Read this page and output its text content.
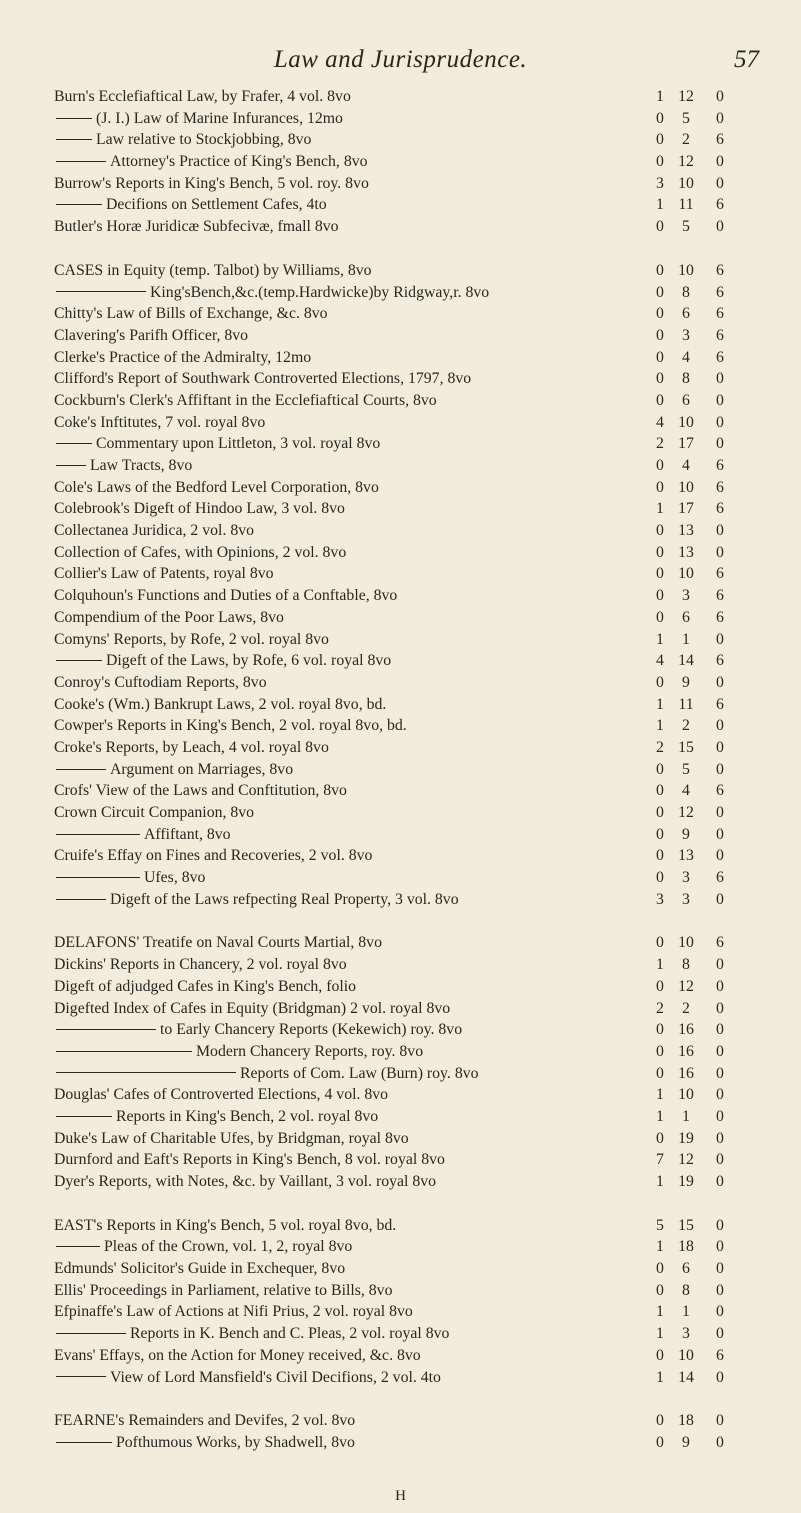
Law and Jurisprudence.	57
Burn's Ecclefiaftical Law, by Frafer, 4 vol. 8vo	1 12	0
(J. I.) Law of Marine Infurances, 12mo	0	5	0
Law relative to Stockjobbing, 8vo	0	2	6
Attorney's Practice of King's Bench, 8vo	0 12	0
Burrow's Reports in King's Bench, 5 vol. roy. 8vo	3 10	0
Decifions on Settlement Cafes, 4to	1 11	6
Butler's Horæ Juridicæ Subfecivæ, fmall 8vo	0	5	0
CASES in Equity (temp. Talbot) by Williams, 8vo	0 10	6
King'sBench,&c.(temp.Hardwicke)by Ridgway,r. 8vo	0	8	6
Chitty's Law of Bills of Exchange, &c. 8vo	0	6	6
Clavering's Parifh Officer, 8vo	0	3	6
Clerke's Practice of the Admiralty, 12mo	0	4	6
Clifford's Report of Southwark Controverted Elections, 1797, 8vo	0	8	0
Cockburn's Clerk's Affiftant in the Ecclefiaftical Courts, 8vo	0	6	0
Coke's Inftitutes, 7 vol. royal 8vo	4 10	0
Commentary upon Littleton, 3 vol. royal 8vo	2 17	0
Law Tracts, 8vo	0	4	6
Cole's Laws of the Bedford Level Corporation, 8vo	0 10	6
Colebrook's Digeft of Hindoo Law, 3 vol. 8vo	1 17	6
Collectanea Juridica, 2 vol. 8vo	0 13	0
Collection of Cafes, with Opinions, 2 vol. 8vo	0 13	0
Collier's Law of Patents, royal 8vo	0 10	6
Colquhoun's Functions and Duties of a Conftable, 8vo	0	3	6
Compendium of the Poor Laws, 8vo	0	6	6
Comyns' Reports, by Rofe, 2 vol. royal 8vo	1	1	0
Digeft of the Laws, by Rofe, 6 vol. royal 8vo	4 14	6
Conroy's Cuftodiam Reports, 8vo	0	9	0
Cooke's (Wm.) Bankrupt Laws, 2 vol. royal 8vo, bd.	1 11	6
Cowper's Reports in King's Bench, 2 vol. royal 8vo, bd.	1	2	0
Croke's Reports, by Leach, 4 vol. royal 8vo	2 15	0
Argument on Marriages, 8vo	0	5	0
Crofs' View of the Laws and Conftitution, 8vo	0	4	6
Crown Circuit Companion, 8vo	0 12	0
Affiftant, 8vo	0	9	0
Cruife's Effay on Fines and Recoveries, 2 vol. 8vo	0 13	0
Ufes, 8vo	0	3	6
Digeft of the Laws refpecting Real Property, 3 vol. 8vo	3	3	0
DELAFONS' Treatife on Naval Courts Martial, 8vo	0 10	6
Dickins' Reports in Chancery, 2 vol. royal 8vo	1	8	0
Digeft of adjudged Cafes in King's Bench, folio	0 12	0
Digefted Index of Cafes in Equity (Bridgman) 2 vol. royal 8vo	2	2	0
to Early Chancery Reports (Kekewich) roy. 8vo	0 16	0
Modern Chancery Reports, roy. 8vo	0 16	0
Reports of Com. Law (Burn) roy. 8vo	0 16	0
Douglas' Cafes of Controverted Elections, 4 vol. 8vo	1 10	0
Reports in King's Bench, 2 vol. royal 8vo	1	1	0
Duke's Law of Charitable Ufes, by Bridgman, royal 8vo	0 19	0
Durnford and Eaft's Reports in King's Bench, 8 vol. royal 8vo	7 12	0
Dyer's Reports, with Notes, &c. by Vaillant, 3 vol. royal 8vo	1 19	0
EAST's Reports in King's Bench, 5 vol. royal 8vo, bd.	5 15	0
Pleas of the Crown, vol. 1, 2, royal 8vo	1 18	0
Edmunds' Solicitor's Guide in Exchequer, 8vo	0	6	0
Ellis' Proceedings in Parliament, relative to Bills, 8vo	0	8	0
Efpinaffe's Law of Actions at Nifi Prius, 2 vol. royal 8vo	1	1	0
Reports in K. Bench and C. Pleas, 2 vol. royal 8vo	1	3	0
Evans' Effays, on the Action for Money received, &c. 8vo	0 10	6
View of Lord Mansfield's Civil Decifions, 2 vol. 4to	1 14	0
FEARNE's Remainders and Devifes, 2 vol. 8vo	0 18	0
Pofthumous Works, by Shadwell, 8vo	0	9	0
H
